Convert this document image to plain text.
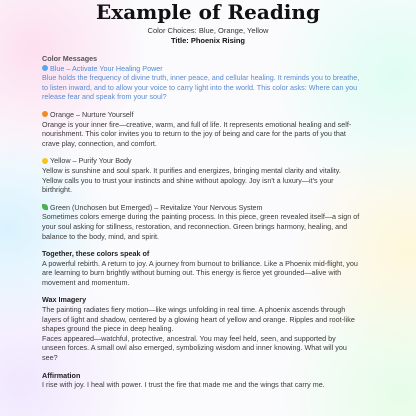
Example of Reading
Color Choices: Blue, Orange, Yellow
Title: Phoenix Rising
Color Messages
Blue – Activate Your Healing Power
Blue holds the frequency of divine truth, inner peace, and cellular healing. It reminds you to breathe,
to listen inward, and to allow your voice to carry light into the world. This color asks: Where can you
release fear and speak from your soul?
Orange – Nurture Yourself
Orange is your inner fire—creative, warm, and full of life. It represents emotional healing and self-
nourishment. This color invites you to return to the joy of being and care for the parts of you that
crave play, connection, and comfort.
Yellow – Purify Your Body
Yellow is sunshine and soul spark. It purifies and energizes, bringing mental clarity and vitality.
Yellow calls you to trust your instincts and shine without apology. Joy isn't a luxury—it's your
birthright.
Green (Unchosen but Emerged) – Revitalize Your Nervous System
Sometimes colors emerge during the painting process. In this piece, green revealed itself—a sign of
your soul asking for stillness, restoration, and reconnection. Green brings harmony, healing, and
balance to the body, mind, and spirit.
Together, these colors speak of
A powerful rebirth. A return to joy. A journey from burnout to brilliance. Like a Phoenix mid-flight, you
are learning to burn brightly without burning out. This energy is fierce yet grounded—alive with
movement and momentum.
Wax Imagery
The painting radiates fiery motion—like wings unfolding in real time. A phoenix ascends through
layers of light and shadow, centered by a glowing heart of yellow and orange. Ripples and root-like
shapes ground the piece in deep healing.
Faces appeared—watchful, protective, ancestral. You may feel held, seen, and supported by
unseen forces. A small owl also emerged, symbolizing wisdom and inner knowing. What will you
see?
Affirmation
I rise with joy. I heal with power. I trust the fire that made me and the wings that carry me.
